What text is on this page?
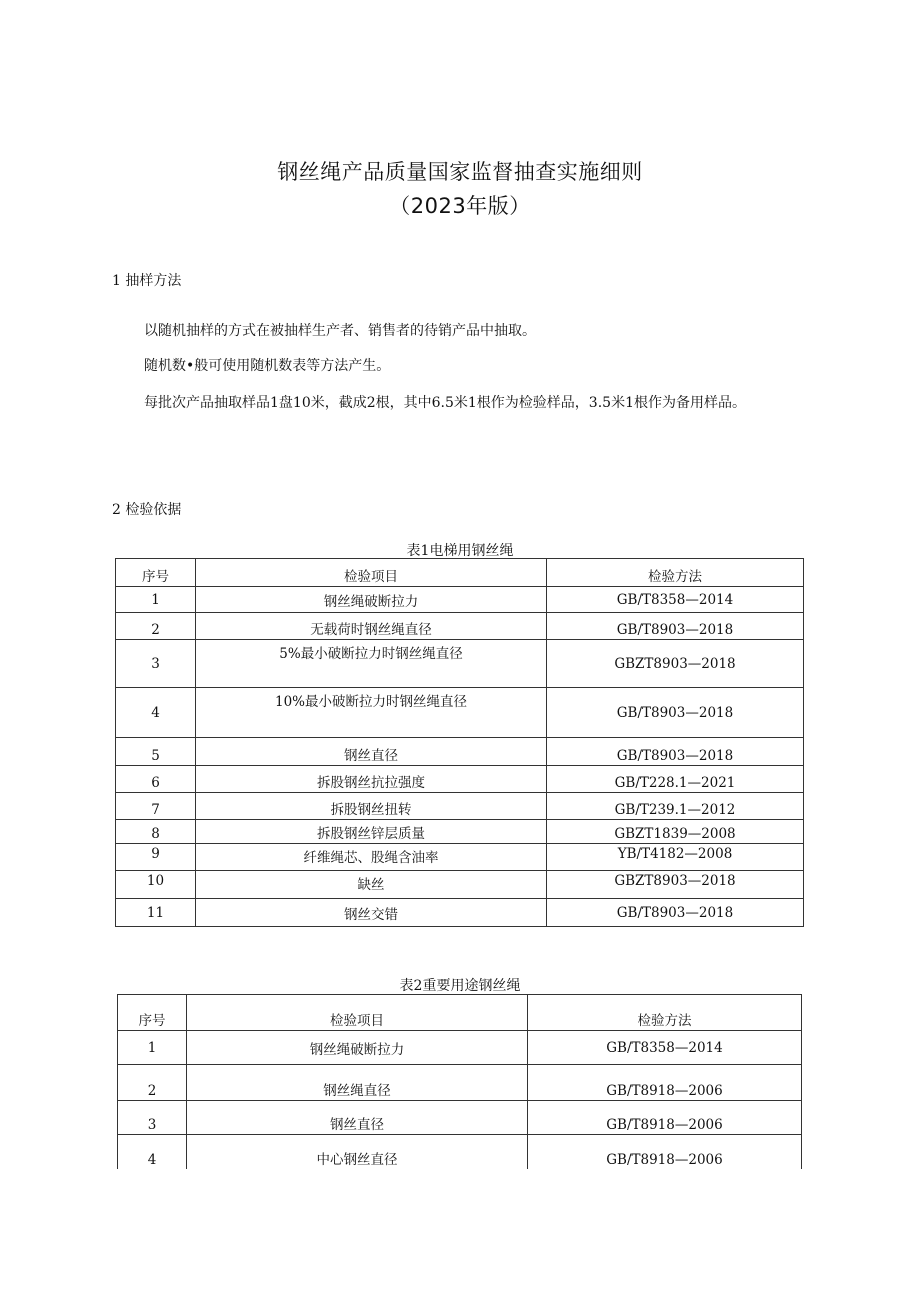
钢丝绳产品质量国家监督抽查实施细则
（2023年版）
1 抽样方法
以随机抽样的方式在被抽样生产者、销售者的待销产品中抽取。
随机数•般可使用随机数表等方法产生。
每批次产品抽取样品1盘10米，截成2根，其中6.5米1根作为检验样品，3.5米1根作为备用样品。
2 检验依据
表1电梯用钢丝绳
序号	检验项目	检验方法
1	钢丝绳破断拉力	GB/T8358—2014
2	无载荷时钢丝绳直径	GB/T8903—2018
3	5%最小破断拉力时钢丝绳直径	GBZT8903—2018
4	10%最小破断拉力时钢丝绳直径	GB/T8903—2018
5	钢丝直径	GB/T8903—2018
6	拆股钢丝抗拉强度	GB/T228.1—2021
7	拆股钢丝扭转	GB/T239.1—2012
8	拆股钢丝锌层质量	GBZT1839—2008
9	纤维绳芯、股绳含油率	YB/T4182—2008
10	缺丝	GBZT8903—2018
11	钢丝交错	GB/T8903—2018
表2重要用途钢丝绳
序号	检验项目	检验方法
1	钢丝绳破断拉力	GB/T8358—2014
2	钢丝绳直径	GB/T8918—2006
3	钢丝直径	GB/T8918—2006
4	中心钢丝直径	GB/T8918—2006
